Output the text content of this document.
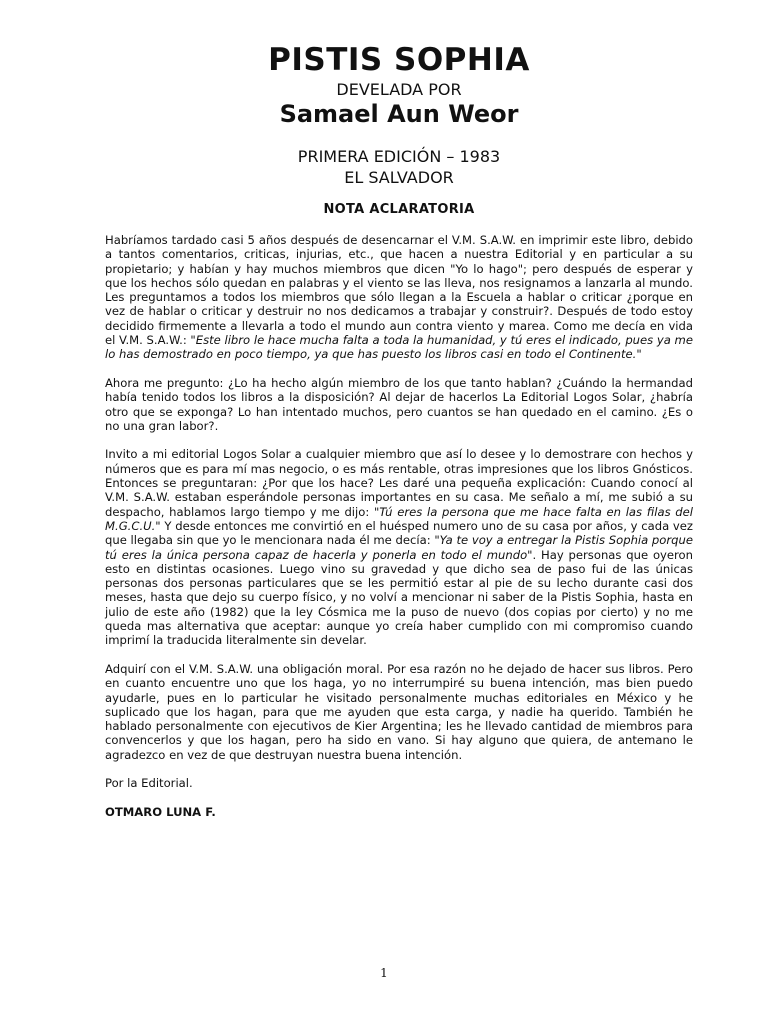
PISTIS SOPHIA
DEVELADA POR
Samael Aun Weor
PRIMERA EDICIÓN – 1983
EL SALVADOR
NOTA ACLARATORIA

Habríamos tardado casi 5 años después de desencarnar el V.M. S.A.W. en imprimir este libro, debido a tantos comentarios, criticas, injurias, etc., que hacen a nuestra Editorial y en particular a su propietario; y habían y hay muchos miembros que dicen "Yo lo hago"; pero después de esperar y que los hechos sólo quedan en palabras y el viento se las lleva, nos resignamos a lanzarla al mundo. Les preguntamos a todos los miembros que sólo llegan a la Escuela a hablar o criticar ¿porque en vez de hablar o criticar y destruir no nos dedicamos a trabajar y construir?. Después de todo estoy decidido firmemente a llevarla a todo el mundo aun contra viento y marea. Como me decía en vida el V.M. S.A.W.: "Este libro le hace mucha falta a toda la humanidad, y tú eres el indicado, pues ya me lo has demostrado en poco tiempo, ya que has puesto los libros casi en todo el Continente."

Ahora me pregunto: ¿Lo ha hecho algún miembro de los que tanto hablan? ¿Cuándo la hermandad había tenido todos los libros a la disposición? Al dejar de hacerlos La Editorial Logos Solar, ¿habría otro que se exponga? Lo han intentado muchos, pero cuantos se han quedado en el camino. ¿Es o no una gran labor?.

Invito a mi editorial Logos Solar a cualquier miembro que así lo desee y lo demostrare con hechos y números que es para mí mas negocio, o es más rentable, otras impresiones que los libros Gnósticos. Entonces se preguntaran: ¿Por que los hace? Les daré una pequeña explicación: Cuando conocí al V.M. S.A.W. estaban esperándole personas importantes en su casa. Me señalo a mí, me subió a su despacho, hablamos largo tiempo y me dijo: "Tú eres la persona que me hace falta en las filas del M.G.C.U." Y desde entonces me convirtió en el huésped numero uno de su casa por años, y cada vez que llegaba sin que yo le mencionara nada él me decía: "Ya te voy a entregar la Pistis Sophia porque tú eres la única persona capaz de hacerla y ponerla en todo el mundo". Hay personas que oyeron esto en distintas ocasiones. Luego vino su gravedad y que dicho sea de paso fui de las únicas personas dos personas particulares que se les permitió estar al pie de su lecho durante casi dos meses, hasta que dejo su cuerpo físico, y no volví a mencionar ni saber de la Pistis Sophia, hasta en julio de este año (1982) que la ley Cósmica me la puso de nuevo (dos copias por cierto) y no me queda mas alternativa que aceptar: aunque yo creía haber cumplido con mi compromiso cuando imprimí la traducida literalmente sin develar.

Adquirí con el V.M. S.A.W. una obligación moral. Por esa razón no he dejado de hacer sus libros. Pero en cuanto encuentre uno que los haga, yo no interrumpiré su buena intención, mas bien puedo ayudarle, pues en lo particular he visitado personalmente muchas editoriales en México y he suplicado que los hagan, para que me ayuden que esta carga, y nadie ha querido. También he hablado personalmente con ejecutivos de Kier Argentina; les he llevado cantidad de miembros para convencerlos y que los hagan, pero ha sido en vano. Si hay alguno que quiera, de antemano le agradezco en vez de que destruyan nuestra buena intención.

Por la Editorial.

OTMARO LUNA F.

1
